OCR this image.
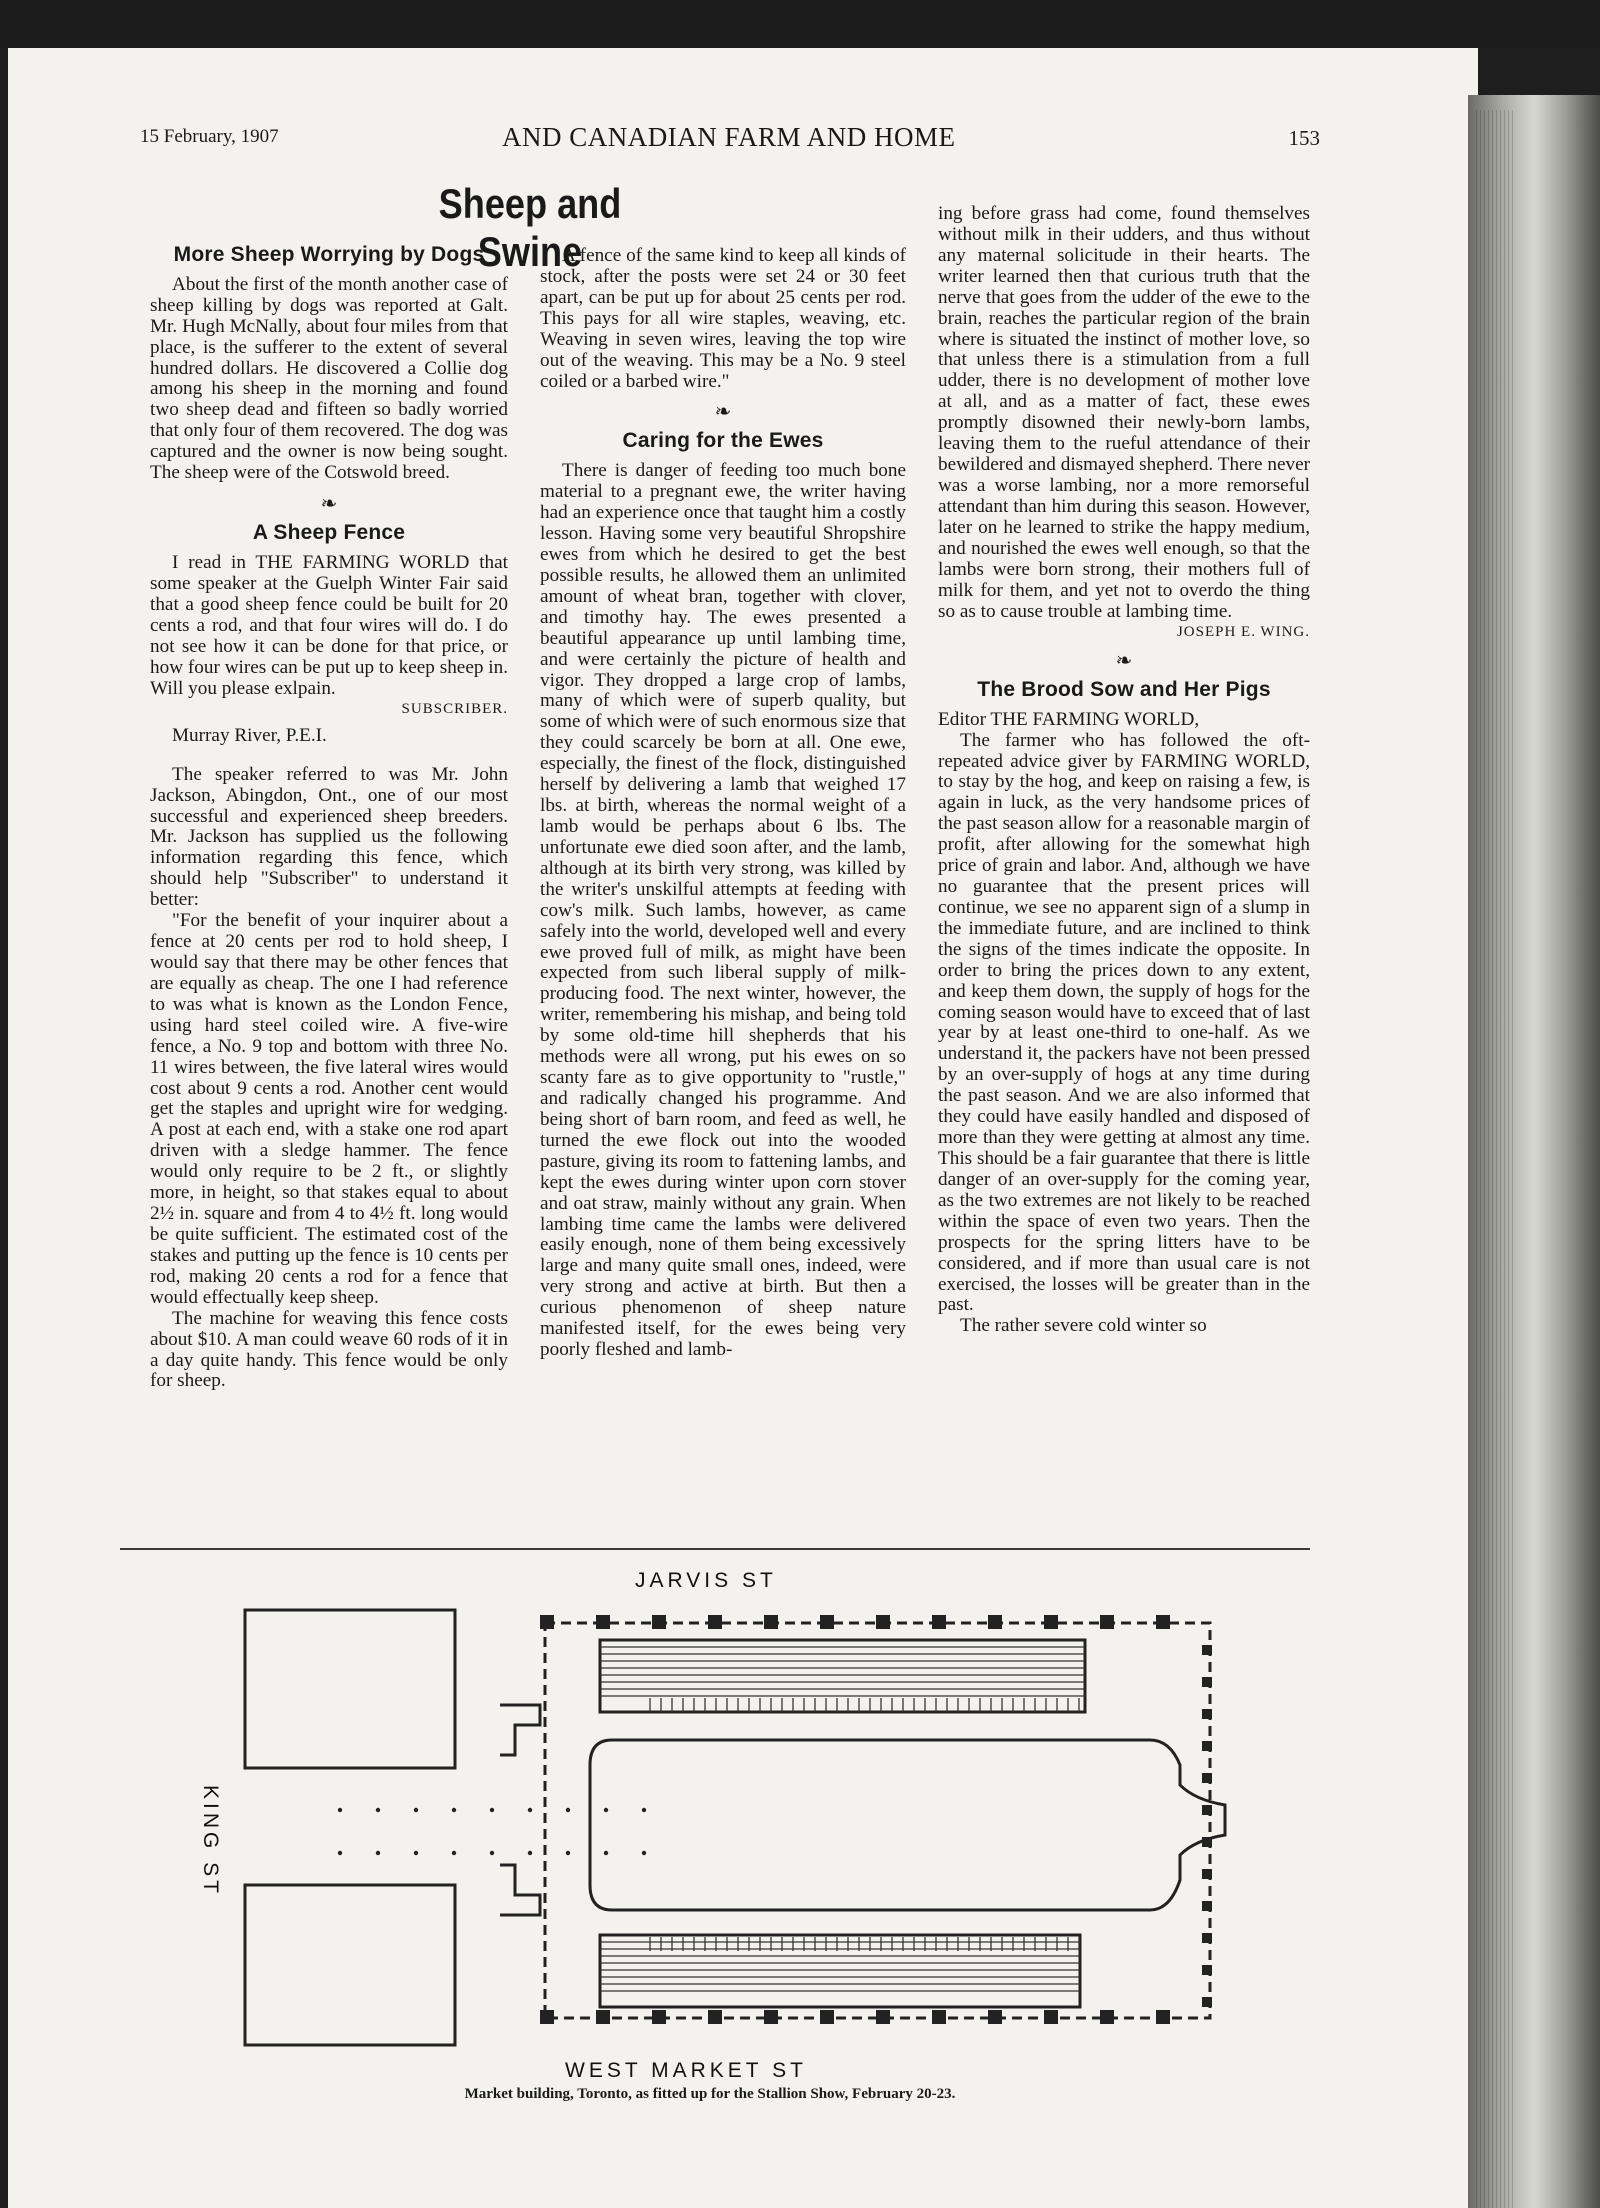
15 February, 1907	AND CANADIAN FARM AND HOME	153
Sheep and Swine
More Sheep Worrying by Dogs

About the first of the month another case of sheep killing by dogs was reported at Galt. Mr. Hugh McNally, about four miles from that place, is the sufferer to the extent of several hundred dollars. He discovered a Collie dog among his sheep in the morning and found two sheep dead and fifteen so badly worried that only four of them recovered. The dog was captured and the owner is now being sought. The sheep were of the Cotswold breed.

❧
A Sheep Fence

I read in THE FARMING WORLD that some speaker at the Guelph Winter Fair said that a good sheep fence could be built for 20 cents a rod, and that four wires will do. I do not see how it can be done for that price, or how four wires can be put up to keep sheep in. Will you please exlpain.

SUBSCRIBER.

Murray River, P.E.I.

The speaker referred to was Mr. John Jackson, Abingdon, Ont., one of our most successful and experienced sheep breeders. Mr. Jackson has supplied us the following information regarding this fence, which should help "Subscriber" to understand it better:

"For the benefit of your inquirer about a fence at 20 cents per rod to hold sheep, I would say that there may be other fences that are equally as cheap. The one I had reference to was what is known as the London Fence, using hard steel coiled wire. A five-wire fence, a No. 9 top and bottom with three No. 11 wires between, the five lateral wires would cost about 9 cents a rod. Another cent would get the staples and upright wire for wedging. A post at each end, with a stake one rod apart driven with a sledge hammer. The fence would only require to be 2 ft., or slightly more, in height, so that stakes equal to about 2½ in. square and from 4 to 4½ ft. long would be quite sufficient. The estimated cost of the stakes and putting up the fence is 10 cents per rod, making 20 cents a rod for a fence that would effectually keep sheep.

The machine for weaving this fence costs about $10. A man could weave 60 rods of it in a day quite handy. This fence would be only for sheep.

A fence of the same kind to keep all kinds of stock, after the posts were set 24 or 30 feet apart, can be put up for about 25 cents per rod. This pays for all wire staples, weaving, etc. Weaving in seven wires, leaving the top wire out of the weaving. This may be a No. 9 steel coiled or a barbed wire."

❧
Caring for the Ewes

There is danger of feeding too much bone material to a pregnant ewe, the writer having had an experience once that taught him a costly lesson. Having some very beautiful Shropshire ewes from which he desired to get the best possible results, he allowed them an unlimited amount of wheat bran, together with clover, and timothy hay. The ewes presented a beautiful appearance up until lambing time, and were certainly the picture of health and vigor. They dropped a large crop of lambs, many of which were of superb quality, but some of which were of such enormous size that they could scarcely be born at all. One ewe, especially, the finest of the flock, distinguished herself by delivering a lamb that weighed 17 lbs. at birth, whereas the normal weight of a lamb would be perhaps about 6 lbs. The unfortunate ewe died soon after, and the lamb, although at its birth very strong, was killed by the writer's unskilful attempts at feeding with cow's milk. Such lambs, however, as came safely into the world, developed well and every ewe proved full of milk, as might have been expected from such liberal supply of milk-producing food. The next winter, however, the writer, remembering his mishap, and being told by some old-time hill shepherds that his methods were all wrong, put his ewes on so scanty fare as to give opportunity to "rustle," and radically changed his programme. And being short of barn room, and feed as well, he turned the ewe flock out into the wooded pasture, giving its room to fattening lambs, and kept the ewes during winter upon corn stover and oat straw, mainly without any grain. When lambing time came the lambs were delivered easily enough, none of them being excessively large and many quite small ones, indeed, were very strong and active at birth. But then a curious phenomenon of sheep nature manifested itself, for the ewes being very poorly fleshed and lamb-

ing before grass had come, found themselves without milk in their udders, and thus without any maternal solicitude in their hearts. The writer learned then that curious truth that the nerve that goes from the udder of the ewe to the brain, reaches the particular region of the brain where is situated the instinct of mother love, so that unless there is a stimulation from a full udder, there is no development of mother love at all, and as a matter of fact, these ewes promptly disowned their newly-born lambs, leaving them to the rueful attendance of their bewildered and dismayed shepherd. There never was a worse lambing, nor a more remorseful attendant than him during this season. However, later on he learned to strike the happy medium, and nourished the ewes well enough, so that the lambs were born strong, their mothers full of milk for them, and yet not to overdo the thing so as to cause trouble at lambing time.

JOSEPH E. WING.
❧
The Brood Sow and Her Pigs

Editor THE FARMING WORLD,

The farmer who has followed the oft-repeated advice giver by FARMING WORLD, to stay by the hog, and keep on raising a few, is again in luck, as the very handsome prices of the past season allow for a reasonable margin of profit, after allowing for the somewhat high price of grain and labor. And, although we have no guarantee that the present prices will continue, we see no apparent sign of a slump in the immediate future, and are inclined to think the signs of the times indicate the opposite. In order to bring the prices down to any extent, and keep them down, the supply of hogs for the coming season would have to exceed that of last year by at least one-third to one-half. As we understand it, the packers have not been pressed by an over-supply of hogs at any time during the past season. And we are also informed that they could have easily handled and disposed of more than they were getting at almost any time. This should be a fair guarantee that there is little danger of an over-supply for the coming year, as the two extremes are not likely to be reached within the space of even two years. Then the prospects for the spring litters have to be considered, and if more than usual care is not exercised, the losses will be greater than in the past.

The rather severe cold winter so

JARVIS ST
WEST MARKET ST
KING ST
Market building, Toronto, as fitted up for the Stallion Show, February 20-23.
